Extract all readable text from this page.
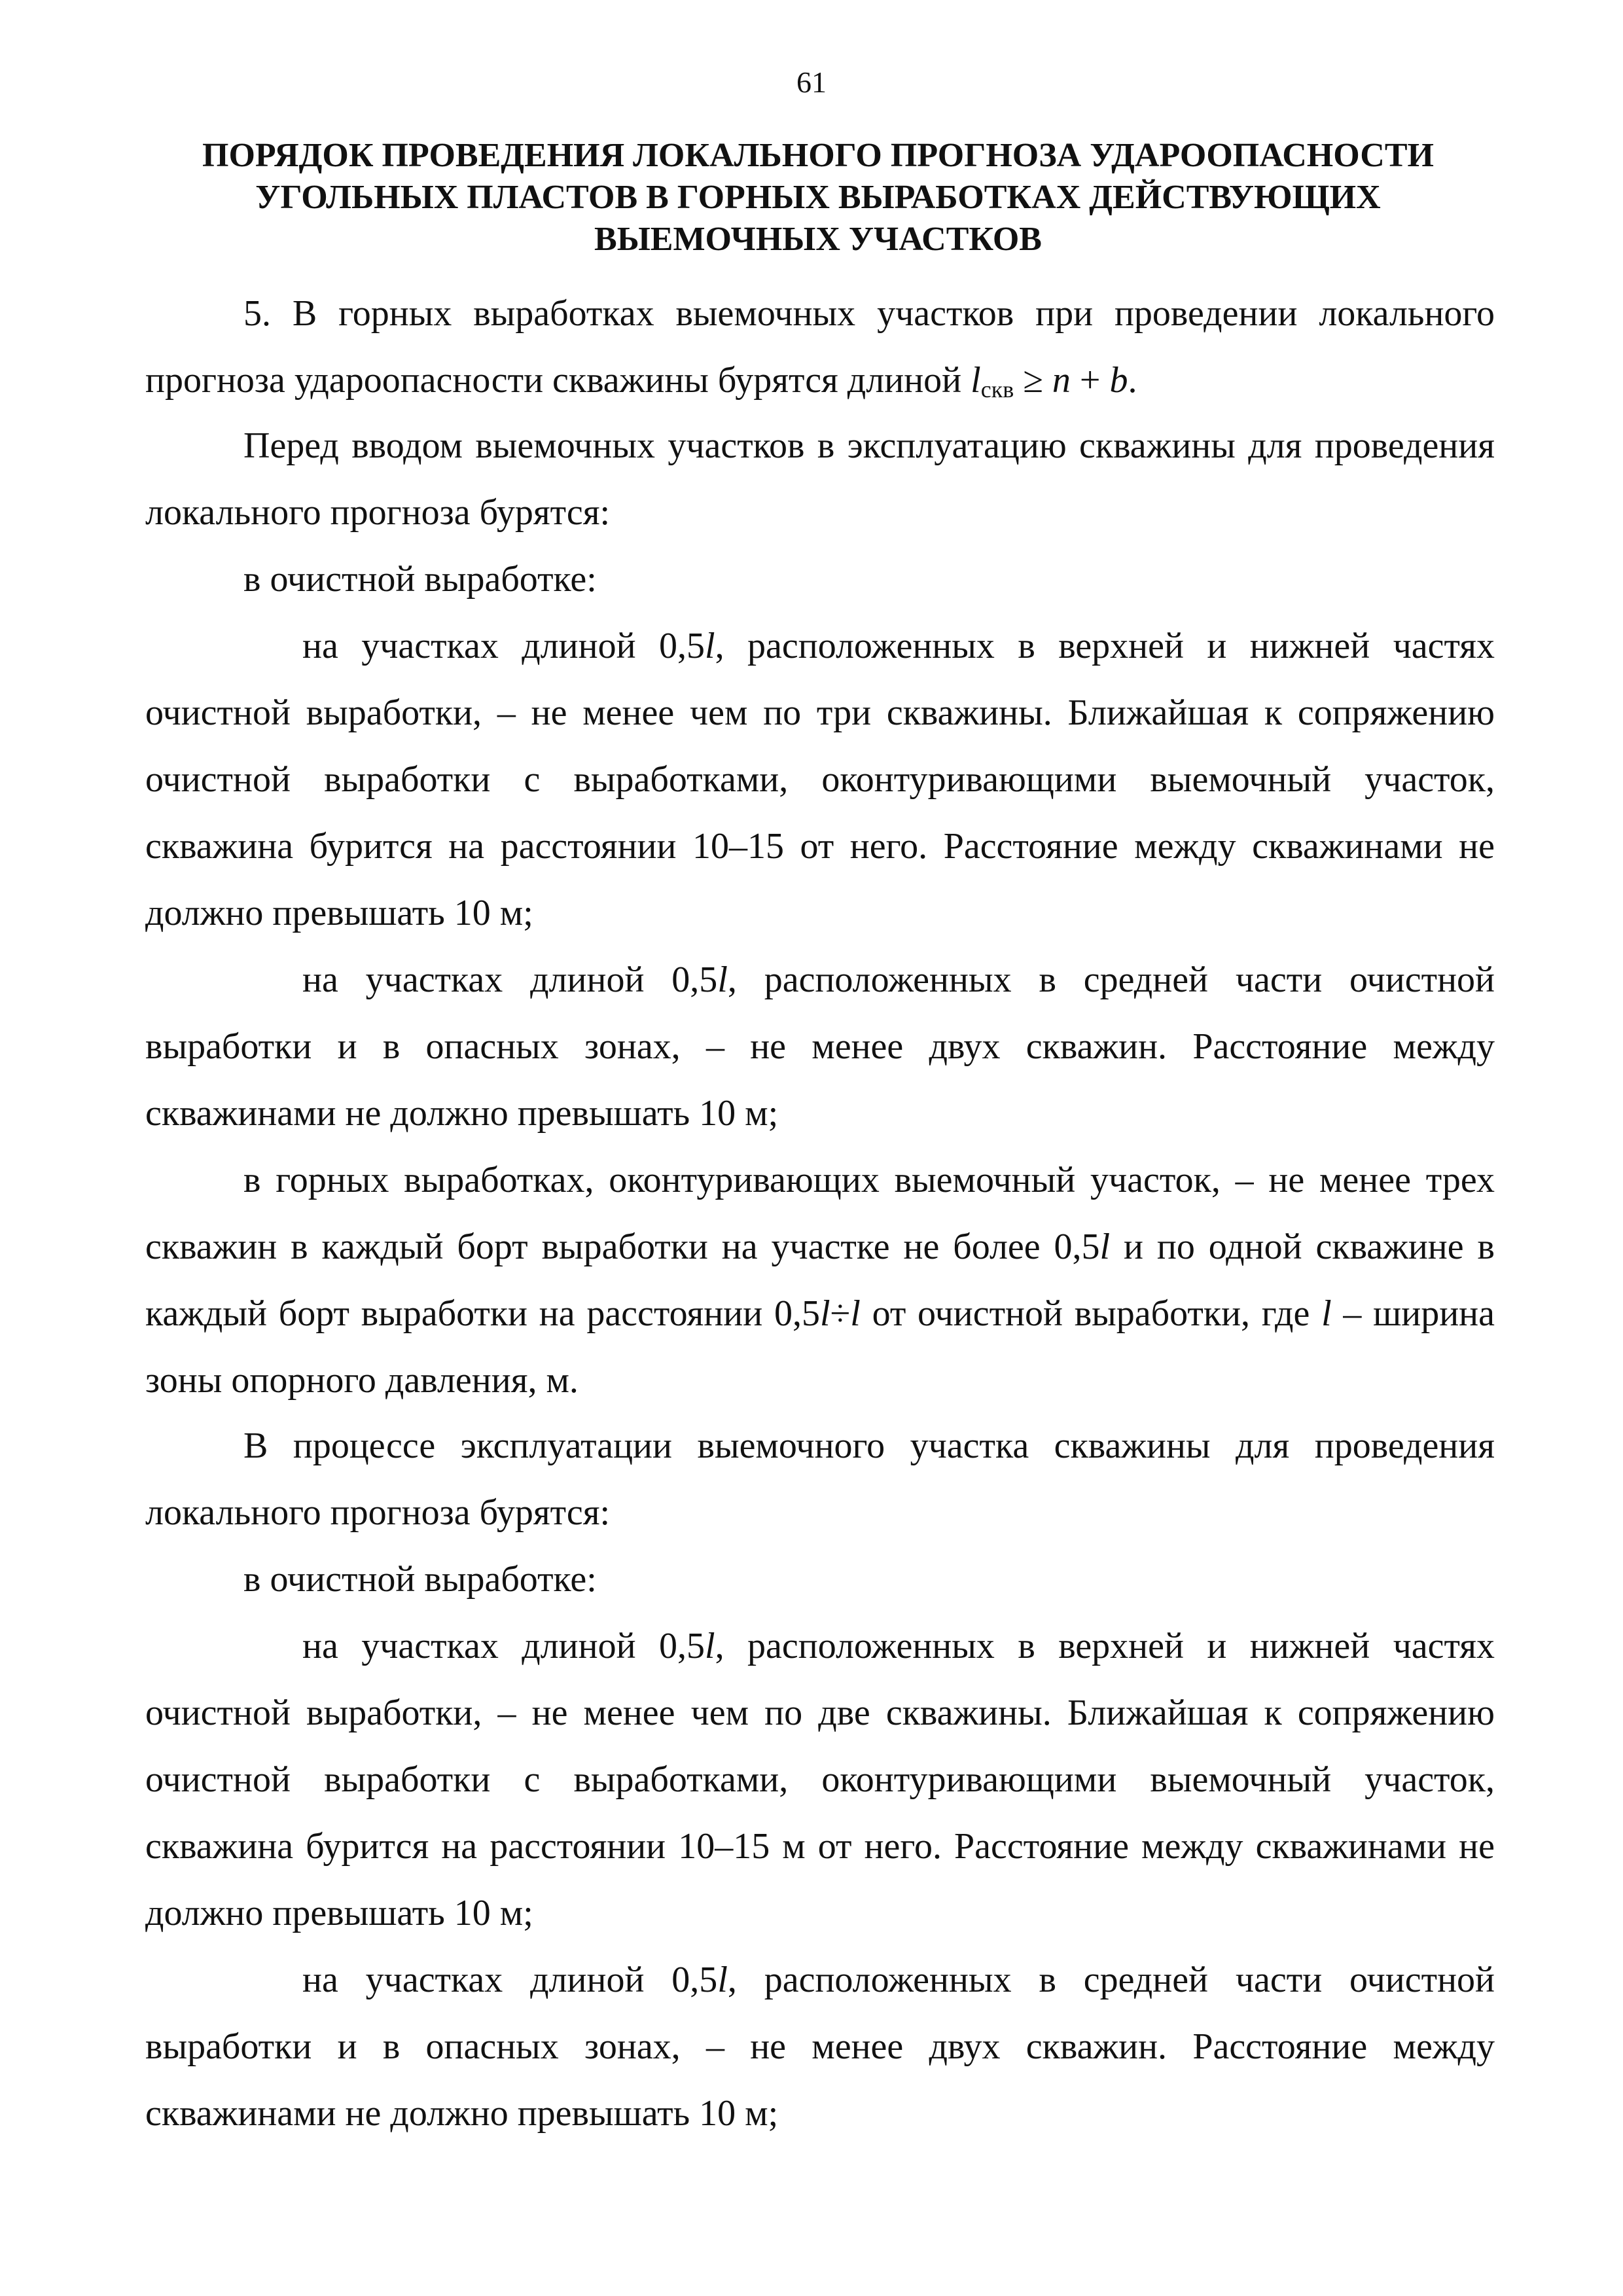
61
ПОРЯДОК ПРОВЕДЕНИЯ ЛОКАЛЬНОГО ПРОГНОЗА УДАРООПАСНОСТИ
УГОЛЬНЫХ ПЛАСТОВ В ГОРНЫХ ВЫРАБОТКАХ ДЕЙСТВУЮЩИХ
ВЫЕМОЧНЫХ УЧАСТКОВ

5. В горных выработках выемочных участков при проведении локального прогноза удароопасности скважины бурятся длиной $l_{скв} \ge n + b$.

Перед вводом выемочных участков в эксплуатацию скважины для проведения локального прогноза бурятся:

в очистной выработке:

на участках длиной 0,5l, расположенных в верхней и нижней частях очистной выработки, – не менее чем по три скважины. Ближайшая к сопряжению очистной выработки с выработками, оконтуривающими выемочный участок, скважина бурится на расстоянии 10–15 от него. Расстояние между скважинами не должно превышать 10 м;

на участках длиной 0,5l, расположенных в средней части очистной выработки и в опасных зонах, – не менее двух скважин. Расстояние между скважинами не должно превышать 10 м;

в горных выработках, оконтуривающих выемочный участок, – не менее трех скважин в каждый борт выработки на участке не более 0,5l и по одной скважине в каждый борт выработки на расстоянии 0,5l÷l от очистной выработки, где l – ширина зоны опорного давления, м.

В процессе эксплуатации выемочного участка скважины для проведения локального прогноза бурятся:

в очистной выработке:

на участках длиной 0,5l, расположенных в верхней и нижней частях очистной выработки, – не менее чем по две скважины. Ближайшая к сопряжению очистной выработки с выработками, оконтуривающими выемочный участок, скважина бурится на расстоянии 10–15 м от него. Расстояние между скважинами не должно превышать 10 м;

на участках длиной 0,5l, расположенных в средней части очистной выработки и в опасных зонах, – не менее двух скважин. Расстояние между скважинами не должно превышать 10 м;
